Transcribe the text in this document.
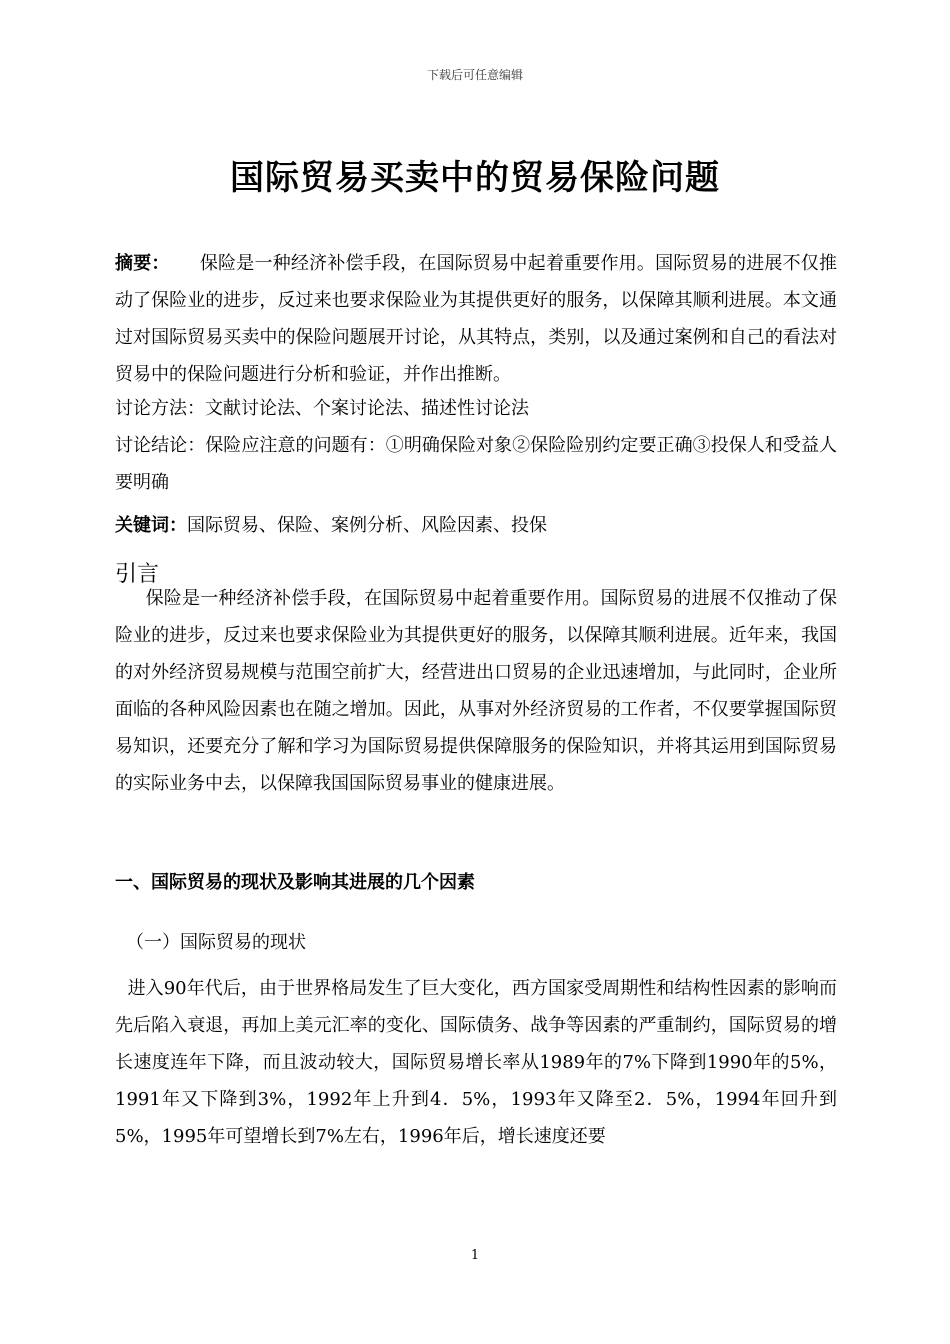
下载后可任意编辑
国际贸易买卖中的贸易保险问题
摘要： 保险是一种经济补偿手段，在国际贸易中起着重要作用。国际贸易的进展不仅推动了保险业的进步，反过来也要求保险业为其提供更好的服务，以保障其顺利进展。本文通过对国际贸易买卖中的保险问题展开讨论，从其特点，类别，以及通过案例和自己的看法对贸易中的保险问题进行分析和验证，并作出推断。
讨论方法：文献讨论法、个案讨论法、描述性讨论法
讨论结论：保险应注意的问题有：①明确保险对象②保险险别约定要正确③投保人和受益人要明确
关键词：国际贸易、保险、案例分析、风险因素、投保
引言
保险是一种经济补偿手段，在国际贸易中起着重要作用。国际贸易的进展不仅推动了保险业的进步，反过来也要求保险业为其提供更好的服务，以保障其顺利进展。近年来，我国的对外经济贸易规模与范围空前扩大，经营进出口贸易的企业迅速增加，与此同时，企业所面临的各种风险因素也在随之增加。因此，从事对外经济贸易的工作者，不仅要掌握国际贸易知识，还要充分了解和学习为国际贸易提供保障服务的保险知识，并将其运用到国际贸易的实际业务中去，以保障我国国际贸易事业的健康进展。
一、国际贸易的现状及影响其进展的几个因素
（一）国际贸易的现状
进入90年代后，由于世界格局发生了巨大变化，西方国家受周期性和结构性因素的影响而先后陷入衰退，再加上美元汇率的变化、国际债务、战争等因素的严重制约，国际贸易的增长速度连年下降，而且波动较大，国际贸易增长率从1989年的7%下降到1990年的5%，1991年又下降到3%，1992年上升到4．5%，1993年又降至2．5%，1994年回升到5%，1995年可望增长到7%左右，1996年后，增长速度还要
1
